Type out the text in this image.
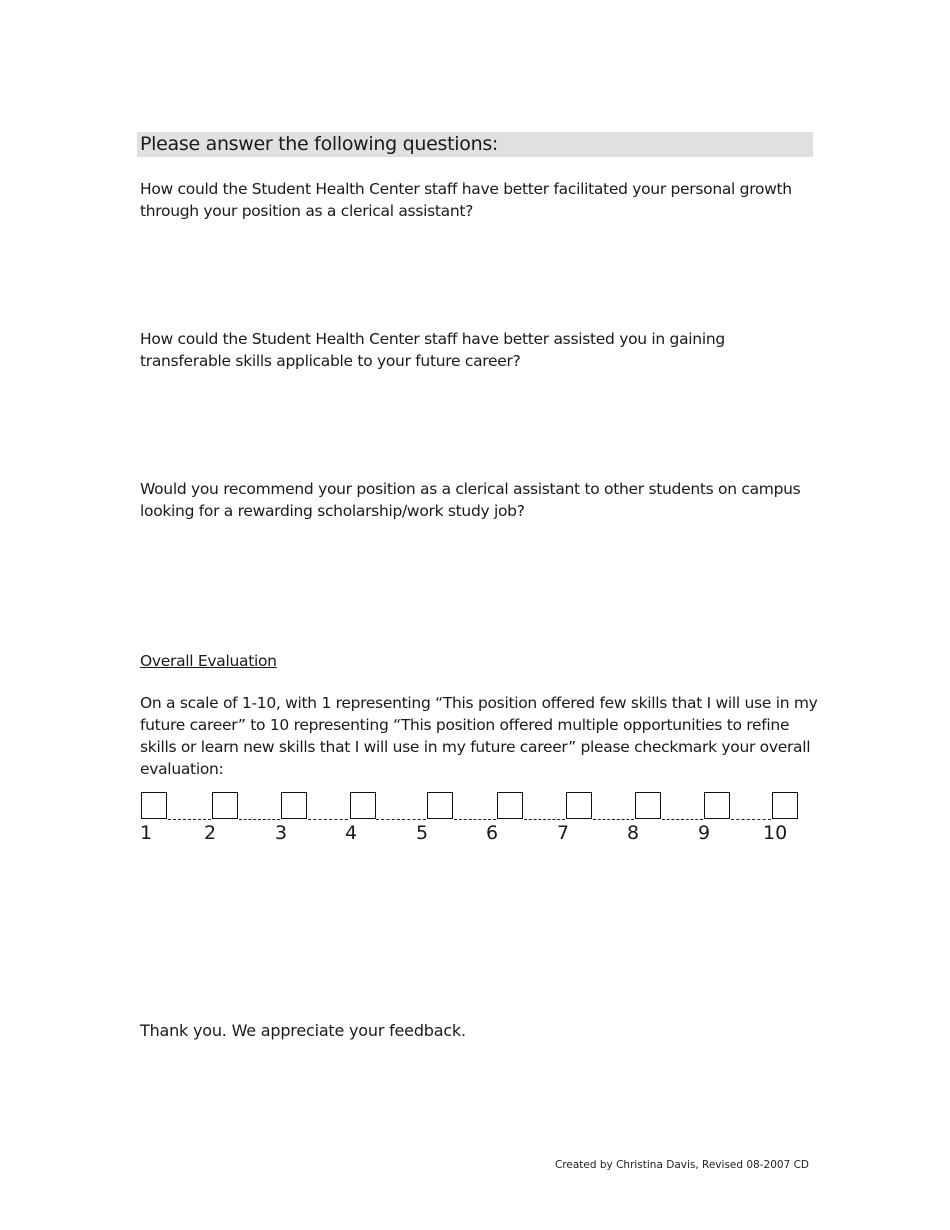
Please answer the following questions:
How could the Student Health Center staff have better facilitated your personal growth through your position as a clerical assistant?
How could the Student Health Center staff have better assisted you in gaining transferable skills applicable to your future career?
Would you recommend your position as a clerical assistant to other students on campus looking for a rewarding scholarship/work study job?
Overall Evaluation
On a scale of 1-10, with 1 representing “This position offered few skills that I will use in my future career” to 10 representing “This position offered multiple opportunities to refine skills or learn new skills that I will use in my future career” please checkmark your overall evaluation:
1	2	3	4	5	6	7	8	9	10
Thank you. We appreciate your feedback.
Created by Christina Davis, Revised 08-2007 CD
